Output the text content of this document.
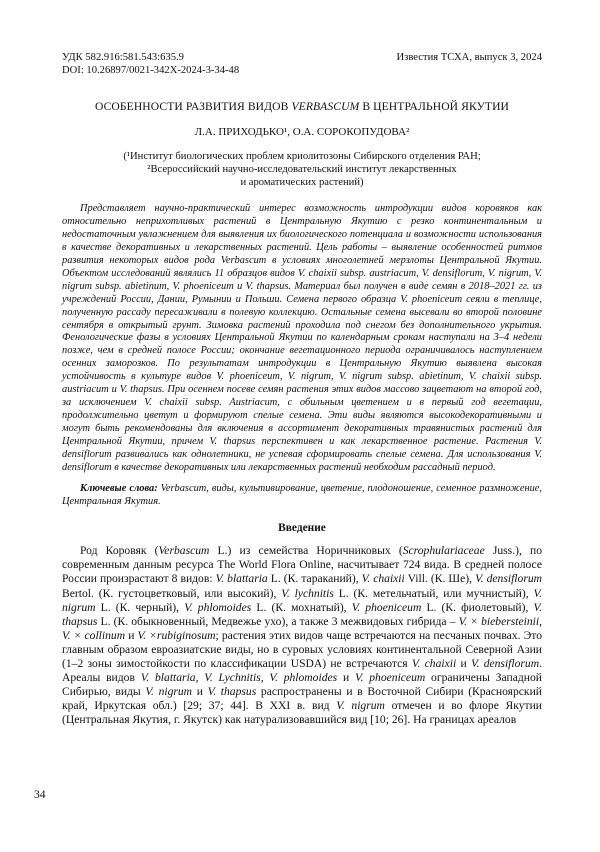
УДК 582.916:581.543:635.9
DOI: 10.26897/0021-342X-2024-3-34-48
Известия ТСХА, выпуск 3, 2024
ОСОБЕННОСТИ РАЗВИТИЯ ВИДОВ VERBASCUM В ЦЕНТРАЛЬНОЙ ЯКУТИИ
Л.А. ПРИХОДЬКО¹, О.А. СОРОКОПУДОВА²
(¹Институт биологических проблем криолитозоны Сибирского отделения РАН;
²Всероссийский научно-исследовательский институт лекарственных
и ароматических растений)
Представляет научно-практический интерес возможность интродукции видов коровяков как относительно неприхотливых растений в Центральную Якутию с резко континентальным и недостаточным увлажнением для выявления их биологического потенциала и возможности использования в качестве декоративных и лекарственных растений. Цель работы – выявление особенностей ритмов развития некоторых видов рода Verbascum в условиях многолетней мерзлоты Центральной Якутии. Объектом исследований являлись 11 образцов видов V. chaixii subsp. austriacum, V. densiflorum, V. nigrum, V. nigrum subsp. abietinum, V. phoeniceum и V. thapsus. Материал был получен в виде семян в 2018–2021 гг. из учреждений России, Дании, Румынии и Польши. Семена первого образца V. phoeniceum сеяли в теплице, полученную рассаду пересаживали в полевую коллекцию. Остальные семена высевали во второй половине сентября в открытый грунт. Зимовка растений проходила под снегом без дополнительного укрытия. Фенологические фазы в условиях Центральной Якутии по календарным срокам наступали на 3–4 недели позже, чем в средней полосе России; окончание вегетационного периода ограничивалось наступлением осенних заморозков. По результатам интродукции в Центральную Якутию выявлена высокая устойчивость в культуре видов V. phoeniceum, V. nigrum, V. nigrum subsp. abietinum, V. chaixii subsp. austriacum и V. thapsus. При осеннем посеве семян растения этих видов массово зацветают на второй год, за исключением V. chaixii subsp. Austriacum, с обильным цветением и в первый год вегетации, продолжительно цветут и формируют спелые семена. Эти виды являются высокодекоративными и могут быть рекомендованы для включения в ассортимент декоративных травянистых растений для Центральной Якутии, причем V. thapsus перспективен и как лекарственное растение. Растения V. densiflorum развивались как однолетники, не успевая сформировать спелые семена. Для использования V. densiflorum в качестве декоративных или лекарственных растений необходим рассадный период.
Ключевые слова: Verbascum, виды, культивирование, цветение, плодоношение, семенное размножение, Центральная Якутия.
Введение
Род Коровяк (Verbascum L.) из семейства Норичниковых (Scrophulariaceae Juss.), по современным данным ресурса The World Flora Online, насчитывает 724 вида. В средней полосе России произрастают 8 видов: V. blattaria L. (К. тараканий), V. chaixii Vill. (К. Ше), V. densiflorum Bertol. (К. густоцветковый, или высокий), V. lychnitis L. (К. метельчатый, или мучнистый), V. nigrum L. (К. черный), V. phlomoides L. (К. мохнатый), V. phoeniceum L. (К. фиолетовый), V. thapsus L. (К. обыкновенный, Медвежье ухо), а также 3 межвидовых гибрида – V. × biebersteinii, V. × collinum и V. ×rubiginosum; растения этих видов чаще встречаются на песчаных почвах. Это главным образом евроазиатские виды, но в суровых условиях континентальной Северной Азии (1–2 зоны зимостойкости по классификации USDA) не встречаются V. chaixii и V. densiflorum. Ареалы видов V. blattaria, V. Lychnitis, V. phlomoides и V. phoeniceum ограничены Западной Сибирью, виды V. nigrum и V. thapsus распространены и в Восточной Сибири (Красноярский край, Иркутская обл.) [29; 37; 44]. В XXI в. вид V. nigrum отмечен и во флоре Якутии (Центральная Якутия, г. Якутск) как натурализовавшийся вид [10; 26]. На границах ареалов
34
